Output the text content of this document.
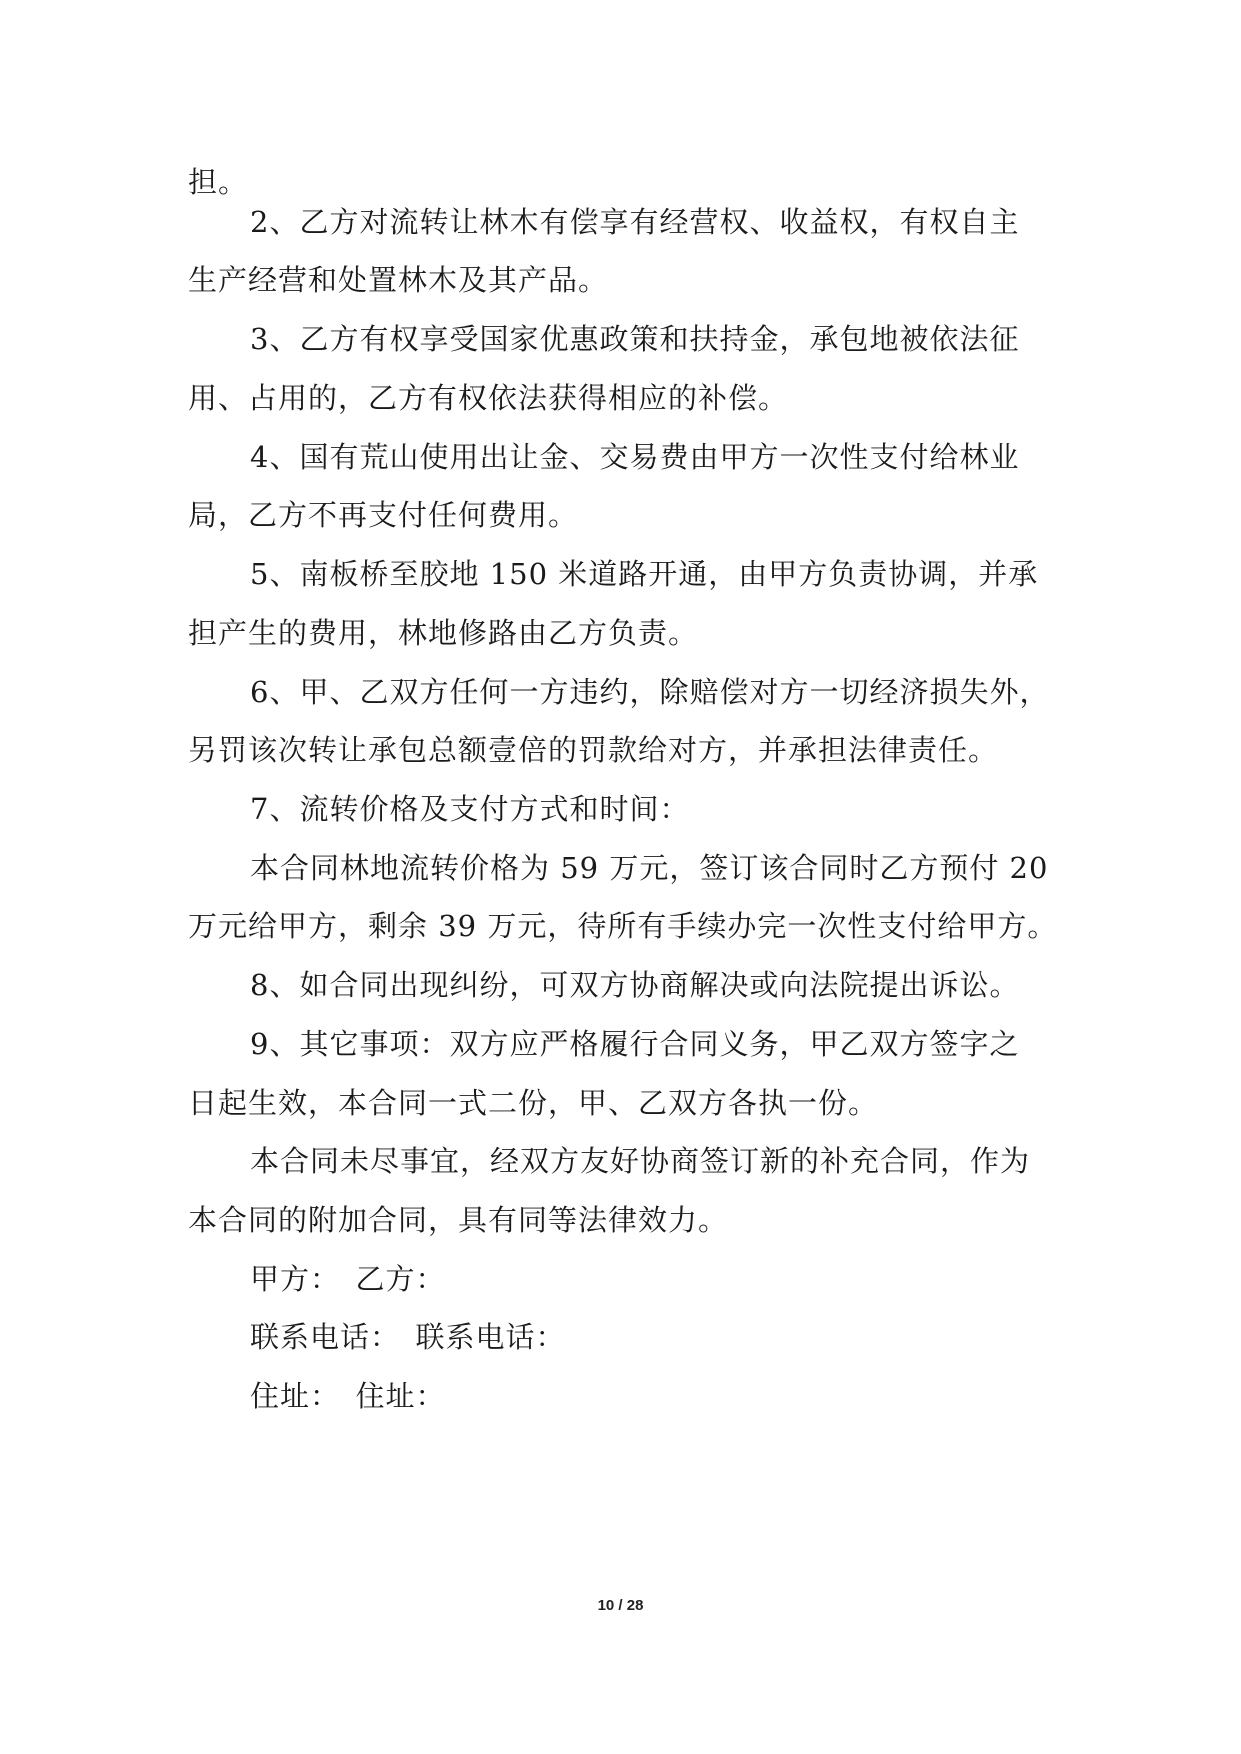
担。
2、乙方对流转让林木有偿享有经营权、收益权，有权自主
生产经营和处置林木及其产品。
3、乙方有权享受国家优惠政策和扶持金，承包地被依法征
用、占用的，乙方有权依法获得相应的补偿。
4、国有荒山使用出让金、交易费由甲方一次性支付给林业
局，乙方不再支付任何费用。
5、南板桥至胶地 150 米道路开通，由甲方负责协调，并承
担产生的费用，林地修路由乙方负责。
6、甲、乙双方任何一方违约，除赔偿对方一切经济损失外，
另罚该次转让承包总额壹倍的罚款给对方，并承担法律责任。
7、流转价格及支付方式和时间：
本合同林地流转价格为 59 万元，签订该合同时乙方预付 20
万元给甲方，剩余 39 万元，待所有手续办完一次性支付给甲方。
8、如合同出现纠纷，可双方协商解决或向法院提出诉讼。
9、其它事项：双方应严格履行合同义务，甲乙双方签字之
日起生效，本合同一式二份，甲、乙双方各执一份。
本合同未尽事宜，经双方友好协商签订新的补充合同，作为
本合同的附加合同，具有同等法律效力。
甲方：　乙方：
联系电话：　联系电话：
住址：　住址：
10 / 28
